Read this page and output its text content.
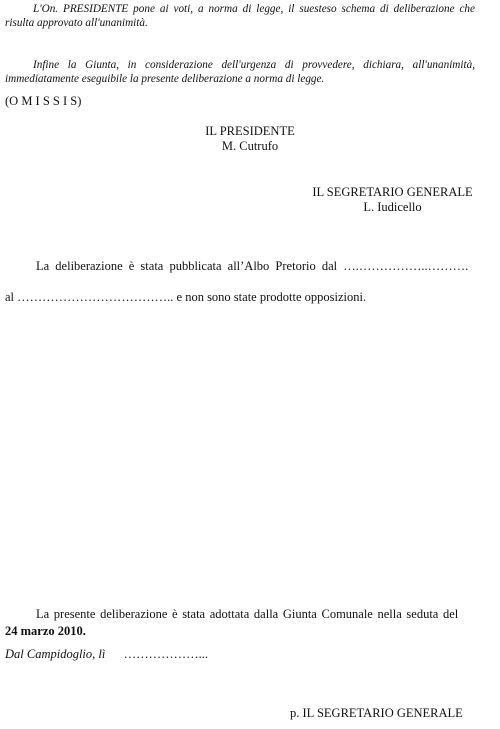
L'On. PRESIDENTE pone ai voti, a norma di legge, il suesteso schema di deliberazione che risulta approvato all'unanimità.
Infine la Giunta, in considerazione dell'urgenza di provvedere, dichiara, all'unanimità, immediatamente eseguibile la presente deliberazione a norma di legge.
(O M I S S I S)
IL PRESIDENTE
M. Cutrufo
IL SEGRETARIO GENERALE
L. Iudicello
La deliberazione è stata pubblicata all’Albo Pretorio dal ….……………..……….
al ……………………………….. e non sono state prodotte opposizioni.
La presente deliberazione è stata adottata dalla Giunta Comunale nella seduta del
24 marzo 2010.
Dal Campidoglio, lì ………………...
p. IL SEGRETARIO GENERALE
